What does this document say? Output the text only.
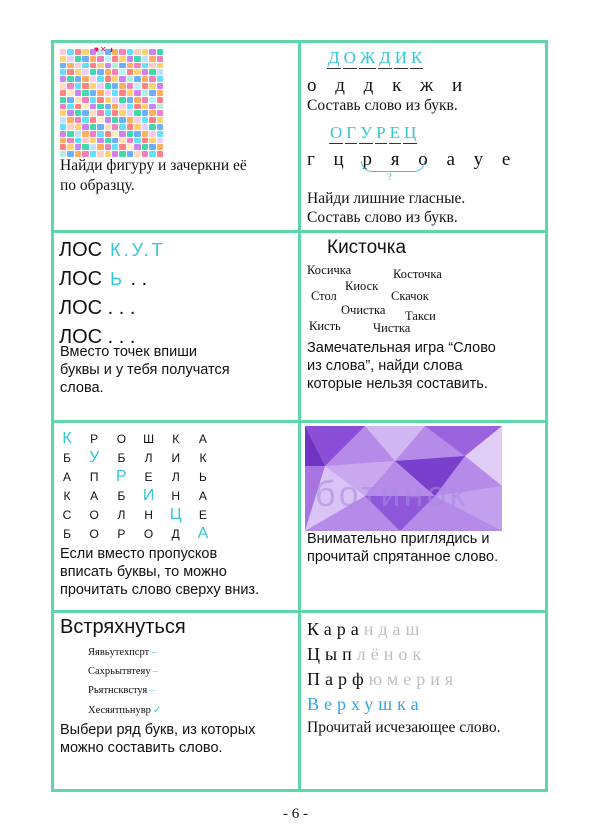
Найди фигуру и зачеркни её
по образцу.
Д О Ж Д И К
о д д к ж и
Составь слово из букв.
О Г У Р Е Ц
г ц р я о а у е
?
Найди лишние гласные.
Составь слово из букв.
ЛОС К.У.Т
ЛОС Ь . .
ЛОС . . .
ЛОС . . .
Вместо точек впиши
буквы и у тебя получатся
слова.
Кисточка
Косичка	Косточка
Киоск
Стол	Скачок
Очистка Такси
Кисть	Чистка
Замечательная игра “Слово
из слова”, найди слова
которые нельзя составить.
К Р О Ш К А
Б У Б Л И К
А П Р Е Л Ь
К А Б И Н А
С О Л Н Ц Е
Б О Р О Д А
Если вместо пропусков
вписать буквы, то можно
прочитать слово сверху вниз.
ботинок
Внимательно приглядись и
прочитай спрятанное слово.
Встряхнуться
Яявьутехпсрт –
Сахрьытвтеяу –
Рьятнсквстуя –
Хесяятпьнувр ✓
Выбери ряд букв, из которых
можно составить слово.
Карандаш
Цыплёнок
Парфюмерия
Верхушка
Прочитай исчезающее слово.
- 6 -
